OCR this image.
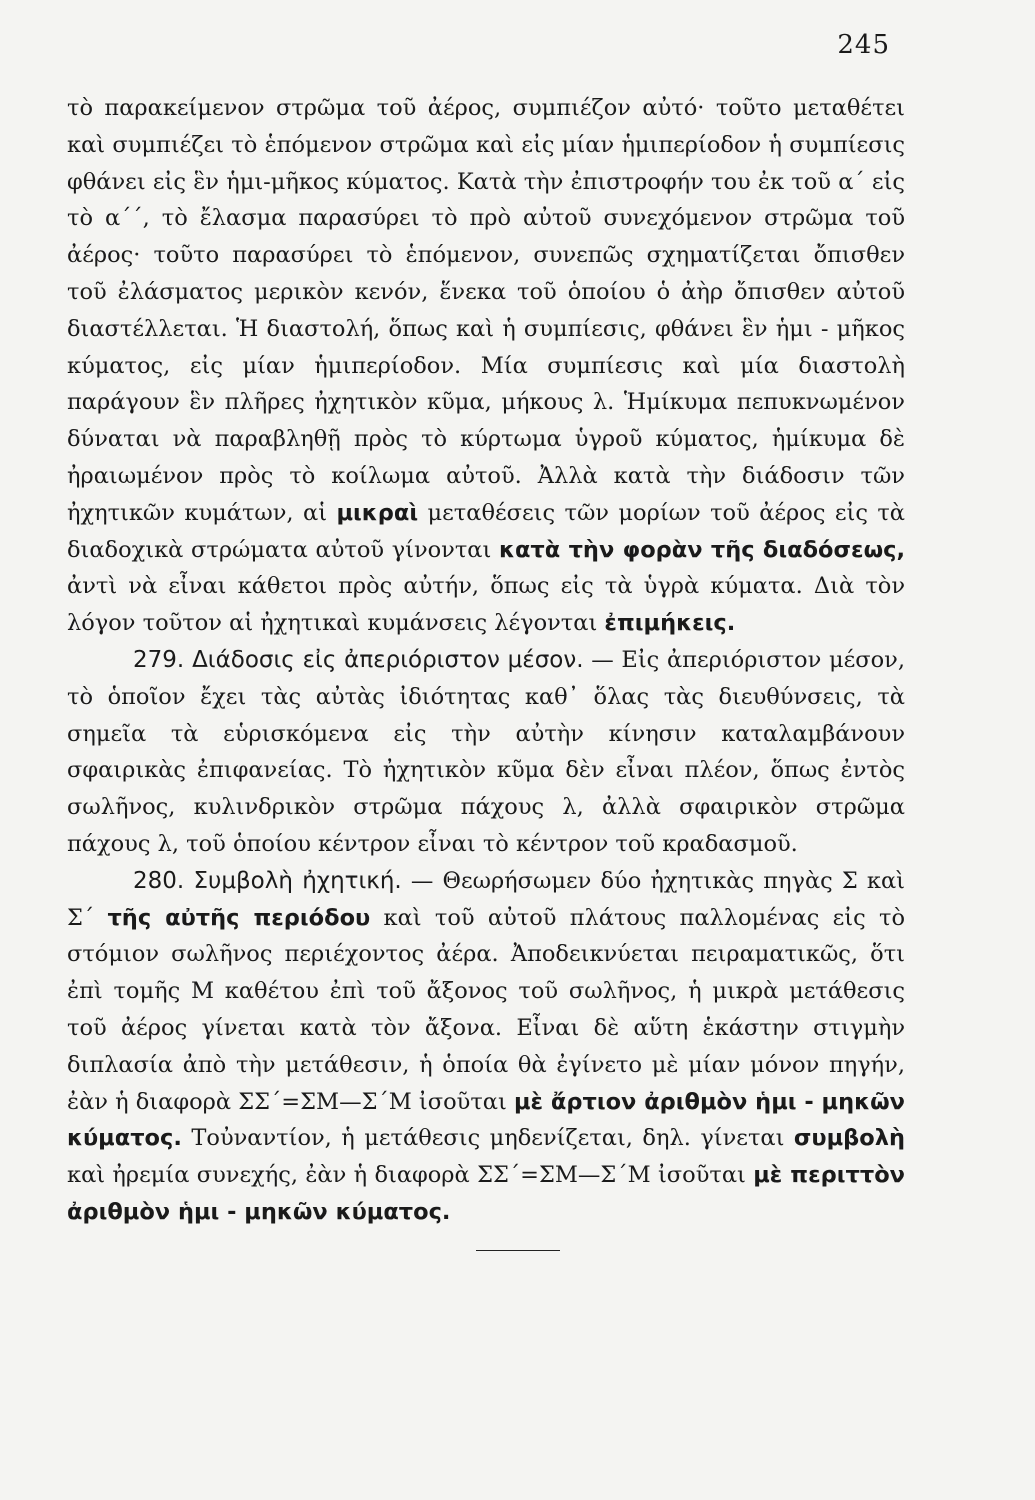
245

τὸ παρακείμενον στρῶμα τοῦ ἀέρος, συμπιέζον αὐτό· τοῦτο μεταθέτει καὶ συμπιέζει τὸ ἑπόμενον στρῶμα καὶ εἰς μίαν ἡμιπερίοδον ἡ συμπίεσις φθάνει εἰς ἓν ἡμι-μῆκος κύματος. Κατὰ τὴν ἐπιστροφήν του ἐκ τοῦ α΄ εἰς τὸ α΄΄, τὸ ἔλασμα παρασύρει τὸ πρὸ αὐτοῦ συνεχόμενον στρῶμα τοῦ ἀέρος· τοῦτο παρασύρει τὸ ἑπόμενον, συνεπῶς σχηματίζεται ὄπισθεν τοῦ ἐλάσματος μερικὸν κενόν, ἕνεκα τοῦ ὁποίου ὁ ἀὴρ ὄπισθεν αὐτοῦ διαστέλλεται. Ἡ διαστολή, ὅπως καὶ ἡ συμπίεσις, φθάνει ἓν ἡμι - μῆκος κύματος, εἰς μίαν ἡμιπερίοδον. Μία συμπίεσις καὶ μία διαστολὴ παράγουν ἓν πλῆρες ἠχητικὸν κῦμα, μήκους λ. Ἡμίκυμα πεπυκνωμένον δύναται νὰ παραβληθῇ πρὸς τὸ κύρτωμα ὑγροῦ κύματος, ἡμίκυμα δὲ ἠραιωμένον πρὸς τὸ κοίλωμα αὐτοῦ. Ἀλλὰ κατὰ τὴν διάδοσιν τῶν ἠχητικῶν κυμάτων, αἱ μικραὶ μεταθέσεις τῶν μορίων τοῦ ἀέρος εἰς τὰ διαδοχικὰ στρώματα αὐτοῦ γίνονται κατὰ τὴν φορὰν τῆς διαδόσεως, ἀντὶ νὰ εἶναι κάθετοι πρὸς αὐτήν, ὅπως εἰς τὰ ὑγρὰ κύματα. Διὰ τὸν λόγον τοῦτον αἱ ἠχητικαὶ κυμάνσεις λέγονται ἐπιμήκεις.

279. Διάδοσις εἰς ἀπεριόριστον μέσον. — Εἰς ἀπεριόριστον μέσον, τὸ ὁποῖον ἔχει τὰς αὐτὰς ἰδιότητας καθ᾿ ὅλας τὰς διευθύνσεις, τὰ σημεῖα τὰ εὑρισκόμενα εἰς τὴν αὐτὴν κίνησιν καταλαμβάνουν σφαιρικὰς ἐπιφανείας. Τὸ ἠχητικὸν κῦμα δὲν εἶναι πλέον, ὅπως ἐντὸς σωλῆνος, κυλινδρικὸν στρῶμα πάχους λ, ἀλλὰ σφαιρικὸν στρῶμα πάχους λ, τοῦ ὁποίου κέντρον εἶναι τὸ κέντρον τοῦ κραδασμοῦ.

280. Συμβολὴ ἠχητική. — Θεωρήσωμεν δύο ἠχητικὰς πηγὰς Σ καὶ Σ΄ τῆς αὐτῆς περιόδου καὶ τοῦ αὐτοῦ πλάτους παλλομένας εἰς τὸ στόμιον σωλῆνος περιέχοντος ἀέρα. Ἀποδεικνύεται πειραματικῶς, ὅτι ἐπὶ τομῆς Μ καθέτου ἐπὶ τοῦ ἄξονος τοῦ σωλῆνος, ἡ μικρὰ μετάθεσις τοῦ ἀέρος γίνεται κατὰ τὸν ἄξονα. Εἶναι δὲ αὕτη ἑκάστην στιγμὴν διπλασία ἀπὸ τὴν μετάθεσιν, ἡ ὁποία θὰ ἐγίνετο μὲ μίαν μόνον πηγήν, ἐὰν ἡ διαφορὰ ΣΣ΄=ΣΜ—Σ΄Μ ἰσοῦται μὲ ἄρτιον ἀριθμὸν ἡμι - μηκῶν κύματος. Τοὐναντίον, ἡ μετάθεσις μηδενίζεται, δηλ. γίνεται συμβολὴ καὶ ἠρεμία συνεχής, ἐὰν ἡ διαφορὰ ΣΣ΄=ΣΜ—Σ΄Μ ἰσοῦται μὲ περιττὸν ἀριθμὸν ἡμι - μηκῶν κύματος.
